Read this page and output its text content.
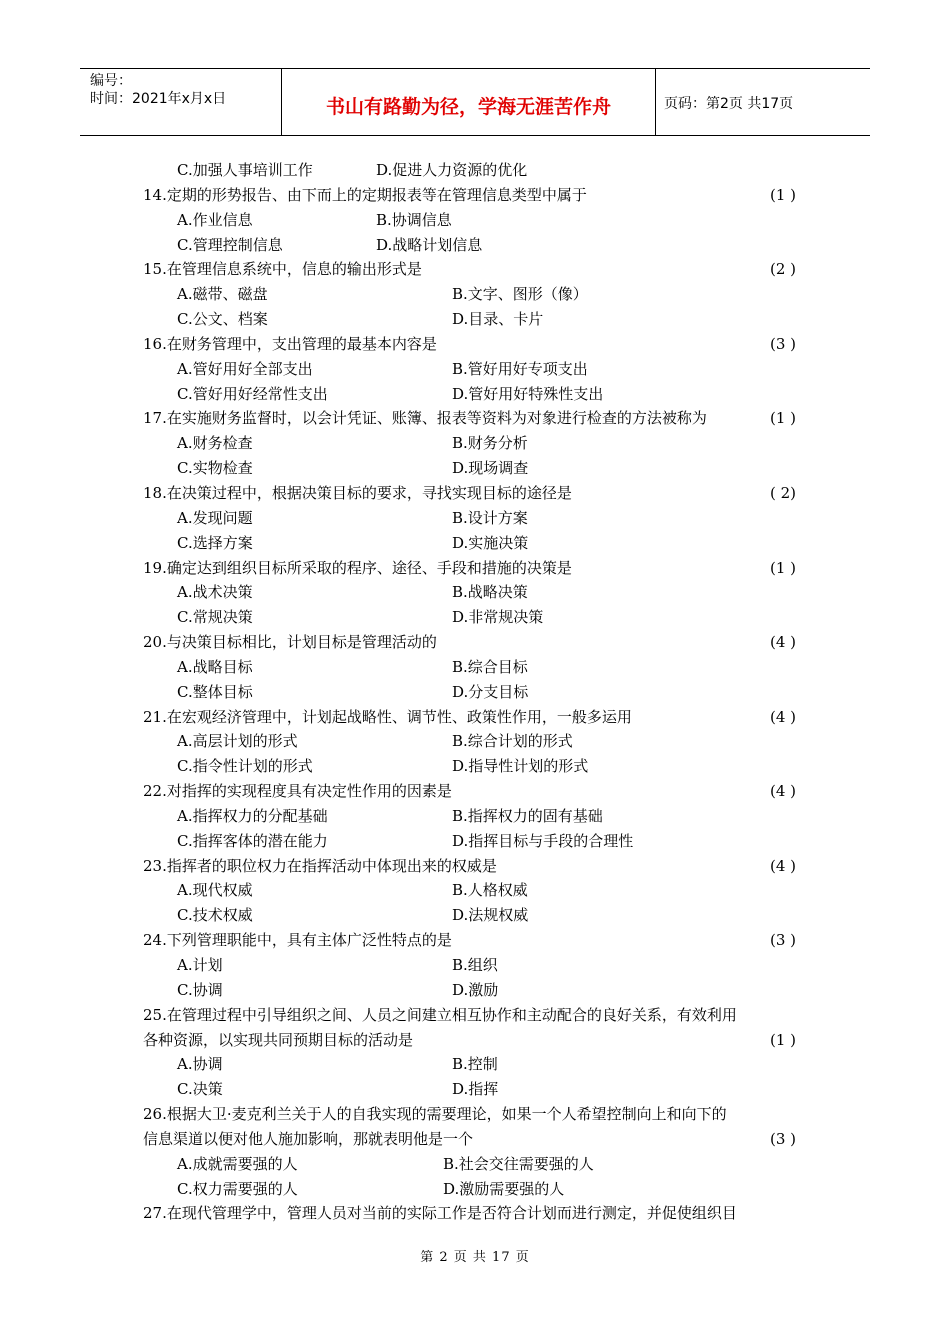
编号：
时间：2021年x月x日	书山有路勤为径，学海无涯苦作舟	页码：第2页 共17页
C.加强人事培训工作	D.促进人力资源的优化
14.定期的形势报告、由下而上的定期报表等在管理信息类型中属于	(1 )
A.作业信息	B.协调信息
C.管理控制信息	D.战略计划信息
15.在管理信息系统中，信息的输出形式是	(2 )
A.磁带、磁盘	B.文字、图形（像）
C.公文、档案	D.目录、卡片
16.在财务管理中，支出管理的最基本内容是	(3 )
A.管好用好全部支出	B.管好用好专项支出
C.管好用好经常性支出	D.管好用好特殊性支出
17.在实施财务监督时，以会计凭证、账簿、报表等资料为对象进行检查的方法被称为	(1 )
A.财务检查	B.财务分析
C.实物检查	D.现场调查
18.在决策过程中，根据决策目标的要求，寻找实现目标的途径是	( 2)
A.发现问题	B.设计方案
C.选择方案	D.实施决策
19.确定达到组织目标所采取的程序、途径、手段和措施的决策是	(1 )
A.战术决策	B.战略决策
C.常规决策	D.非常规决策
20.与决策目标相比，计划目标是管理活动的	(4 )
A.战略目标	B.综合目标
C.整体目标	D.分支目标
21.在宏观经济管理中，计划起战略性、调节性、政策性作用，一般多运用	(4 )
A.高层计划的形式	B.综合计划的形式
C.指令性计划的形式	D.指导性计划的形式
22.对指挥的实现程度具有决定性作用的因素是	(4 )
A.指挥权力的分配基础	B.指挥权力的固有基础
C.指挥客体的潜在能力	D.指挥目标与手段的合理性
23.指挥者的职位权力在指挥活动中体现出来的权威是	(4 )
A.现代权威	B.人格权威
C.技术权威	D.法规权威
24.下列管理职能中，具有主体广泛性特点的是	(3 )
A.计划	B.组织
C.协调	D.激励
25.在管理过程中引导组织之间、人员之间建立相互协作和主动配合的良好关系，有效利用
各种资源，以实现共同预期目标的活动是	(1 )
A.协调	B.控制
C.决策	D.指挥
26.根据大卫·麦克利兰关于人的自我实现的需要理论，如果一个人希望控制向上和向下的
信息渠道以便对他人施加影响，那就表明他是一个	(3 )
A.成就需要强的人	B.社会交往需要强的人
C.权力需要强的人	D.激励需要强的人
27.在现代管理学中，管理人员对当前的实际工作是否符合计划而进行测定，并促使组织目
第 2 页 共 17 页
